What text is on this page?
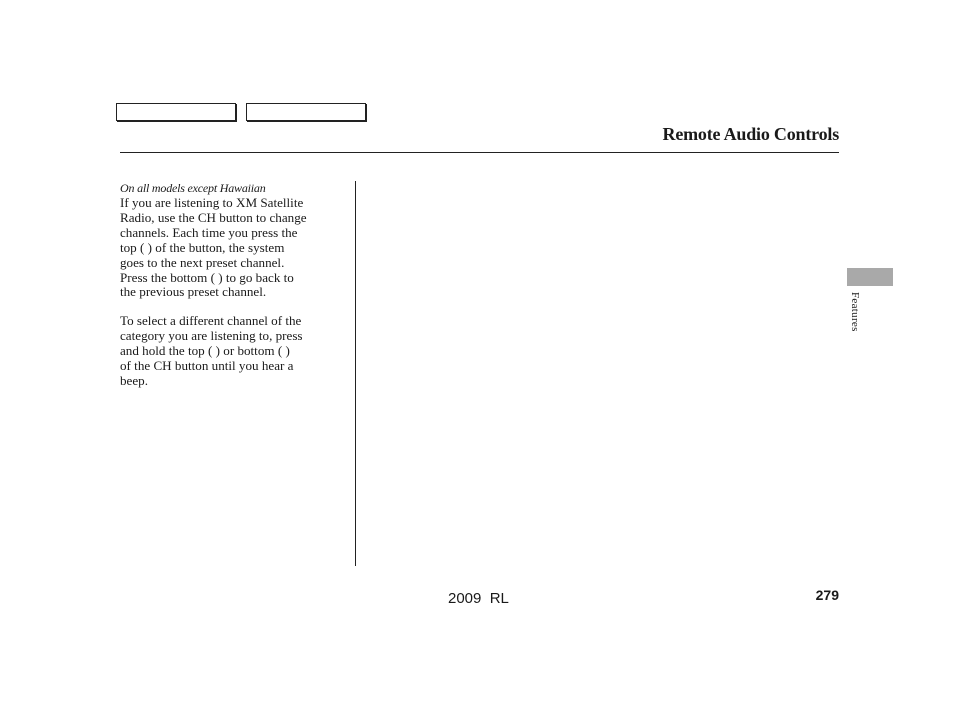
Remote Audio Controls
On all models except Hawaiian

If you are listening to XM Satellite
Radio, use the CH button to change
channels. Each time you press the
top ( ) of the button, the system
goes to the next preset channel.
Press the bottom ( ) to go back to
the previous preset channel.

To select a different channel of the
category you are listening to, press
and hold the top ( ) or bottom ( )
of the CH button until you hear a
beep.

Features
2009  RL	279
